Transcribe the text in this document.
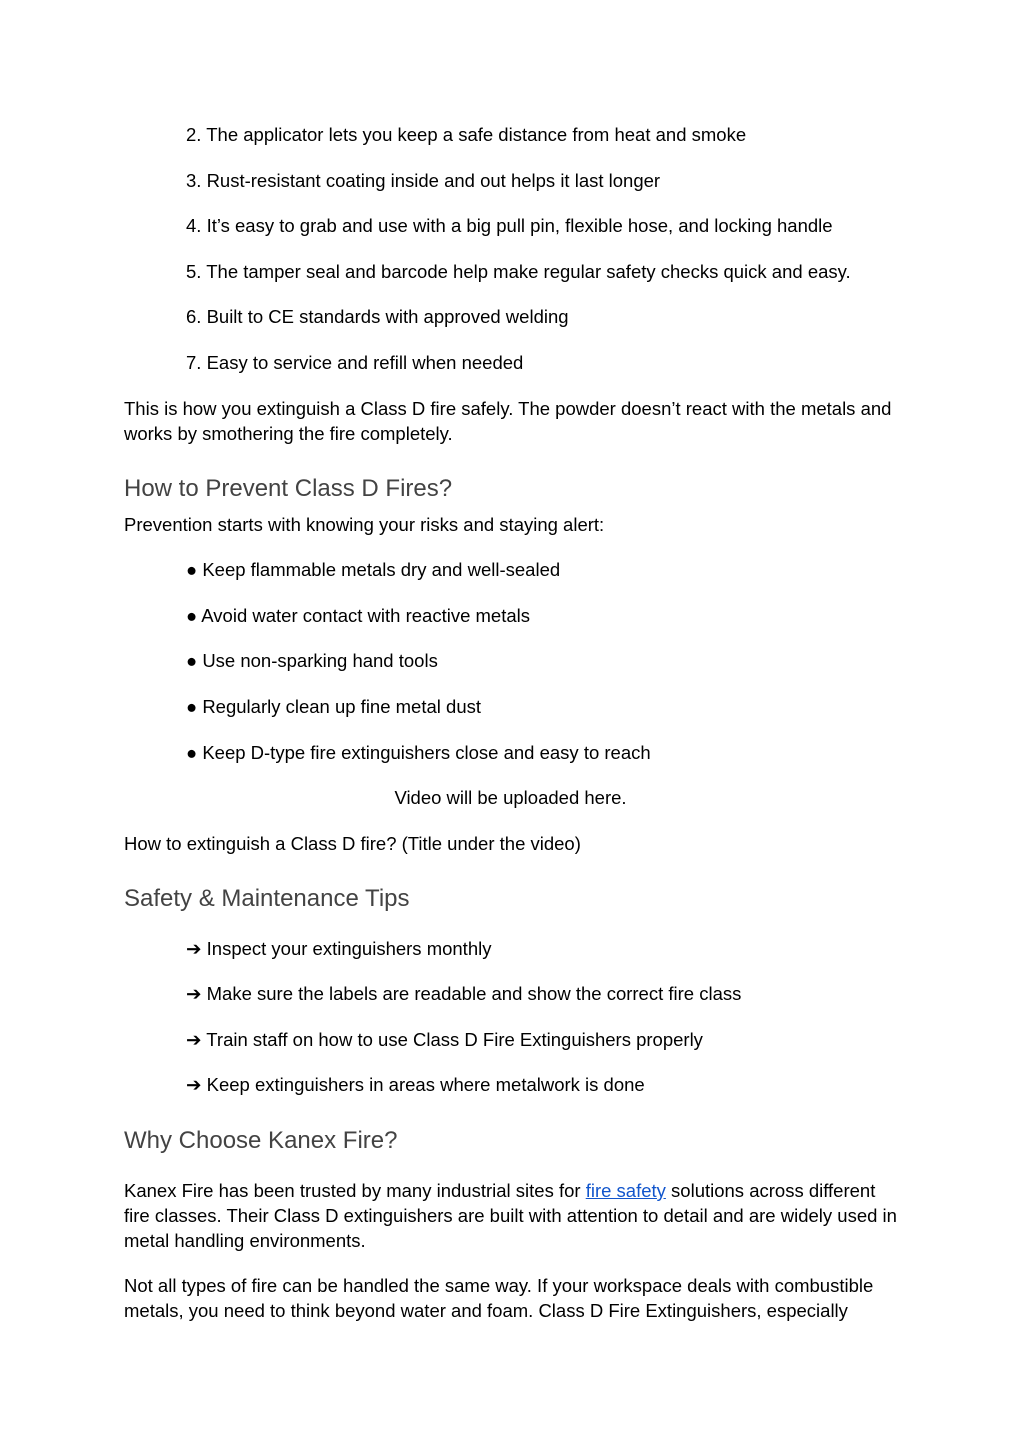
2. The applicator lets you keep a safe distance from heat and smoke
3. Rust-resistant coating inside and out helps it last longer
4. It’s easy to grab and use with a big pull pin, flexible hose, and locking handle
5. The tamper seal and barcode help make regular safety checks quick and easy.
6. Built to CE standards with approved welding
7. Easy to service and refill when needed
This is how you extinguish a Class D fire safely. The powder doesn’t react with the metals and works by smothering the fire completely.
How to Prevent Class D Fires?
Prevention starts with knowing your risks and staying alert:
● Keep flammable metals dry and well-sealed
● Avoid water contact with reactive metals
● Use non-sparking hand tools
● Regularly clean up fine metal dust
● Keep D-type fire extinguishers close and easy to reach
Video will be uploaded here.
How to extinguish a Class D fire? (Title under the video)
Safety & Maintenance Tips
➔ Inspect your extinguishers monthly
➔ Make sure the labels are readable and show the correct fire class
➔ Train staff on how to use Class D Fire Extinguishers properly
➔ Keep extinguishers in areas where metalwork is done
Why Choose Kanex Fire?
Kanex Fire has been trusted by many industrial sites for fire safety solutions across different fire classes. Their Class D extinguishers are built with attention to detail and are widely used in metal handling environments.
Not all types of fire can be handled the same way. If your workspace deals with combustible metals, you need to think beyond water and foam. Class D Fire Extinguishers, especially
